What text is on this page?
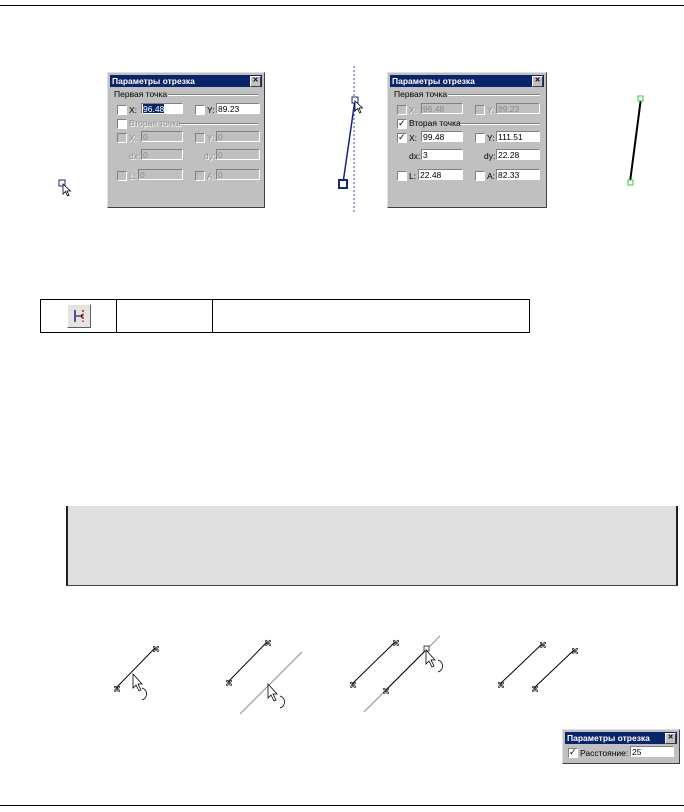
Параметры отрезка	✕
Первая точка
X: 96.48	Y: 89.23
Вторая точка
X: 0	Y: 0
dx: 0	dy: 0
L: 0	A: 0
Параметры отрезка	✕
Первая точка
X: 96.48	Y: 89.23
✓ Вторая точка
✓ X: 99.48	Y: 111.51
dx: 3	dy: 22.28
L: 22.48	A: 82.33
⌘
⌘
⌘
⌘
⌘
⌘
⌘
⌘
⌘
⌘
⌘
Параметры отрезка	✕
✓ Расстояние: 25
